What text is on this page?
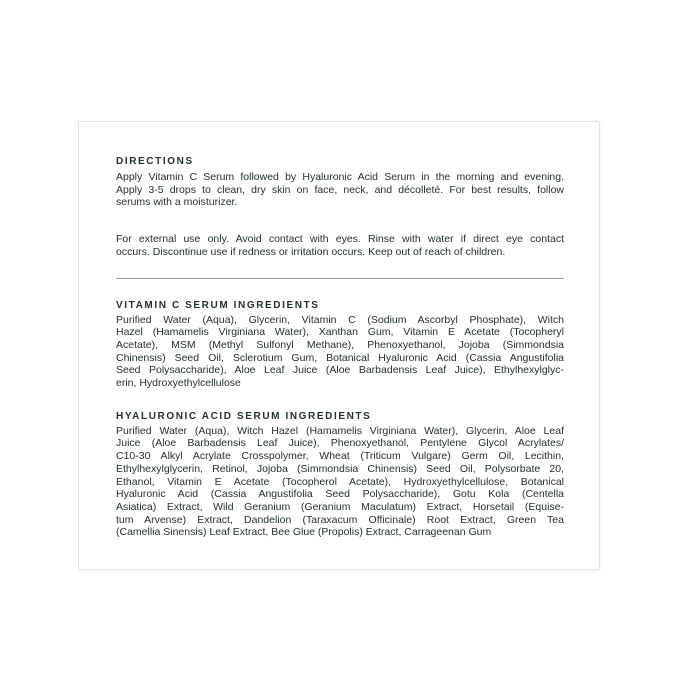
DIRECTIONS
Apply Vitamin C Serum followed by Hyaluronic Acid Serum in the morning and evening.
Apply 3-5 drops to clean, dry skin on face, neck, and décolleté. For best results, follow
serums with a moisturizer.
For external use only. Avoid contact with eyes. Rinse with water if direct eye contact
occurs. Discontinue use if redness or irritation occurs. Keep out of reach of children.
VITAMIN C SERUM INGREDIENTS
Purified Water (Aqua), Glycerin, Vitamin C (Sodium Ascorbyl Phosphate), Witch
Hazel (Hamamelis Virginiana Water), Xanthan Gum, Vitamin E Acetate (Tocopheryl
Acetate), MSM (Methyl Sulfonyl Methane), Phenoxyethanol, Jojoba (Simmondsia
Chinensis) Seed Oil, Sclerotium Gum, Botanical Hyaluronic Acid (Cassia Angustifolia
Seed Polysaccharide), Aloe Leaf Juice (Aloe Barbadensis Leaf Juice), Ethylhexylglyc-
erin, Hydroxyethylcellulose
HYALURONIC ACID SERUM INGREDIENTS
Purified Water (Aqua), Witch Hazel (Hamamelis Virginiana Water), Glycerin, Aloe Leaf
Juice (Aloe Barbadensis Leaf Juice), Phenoxyethanol, Pentylene Glycol Acrylates/
C10-30 Alkyl Acrylate Crosspolymer, Wheat (Triticum Vulgare) Germ Oil, Lecithin,
Ethylhexylglycerin, Retinol, Jojoba (Simmondsia Chinensis) Seed Oil, Polysorbate 20,
Ethanol, Vitamin E Acetate (Tocopherol Acetate), Hydroxyethylcellulose, Botanical
Hyaluronic Acid (Cassia Angustifolia Seed Polysaccharide), Gotu Kola (Centella
Asiatica) Extract, Wild Geranium (Geranium Maculatum) Extract, Horsetail (Equise-
tum Arvense) Extract, Dandelion (Taraxacum Officinale) Root Extract, Green Tea
(Camellia Sinensis) Leaf Extract, Bee Glue (Propolis) Extract, Carrageenan Gum
